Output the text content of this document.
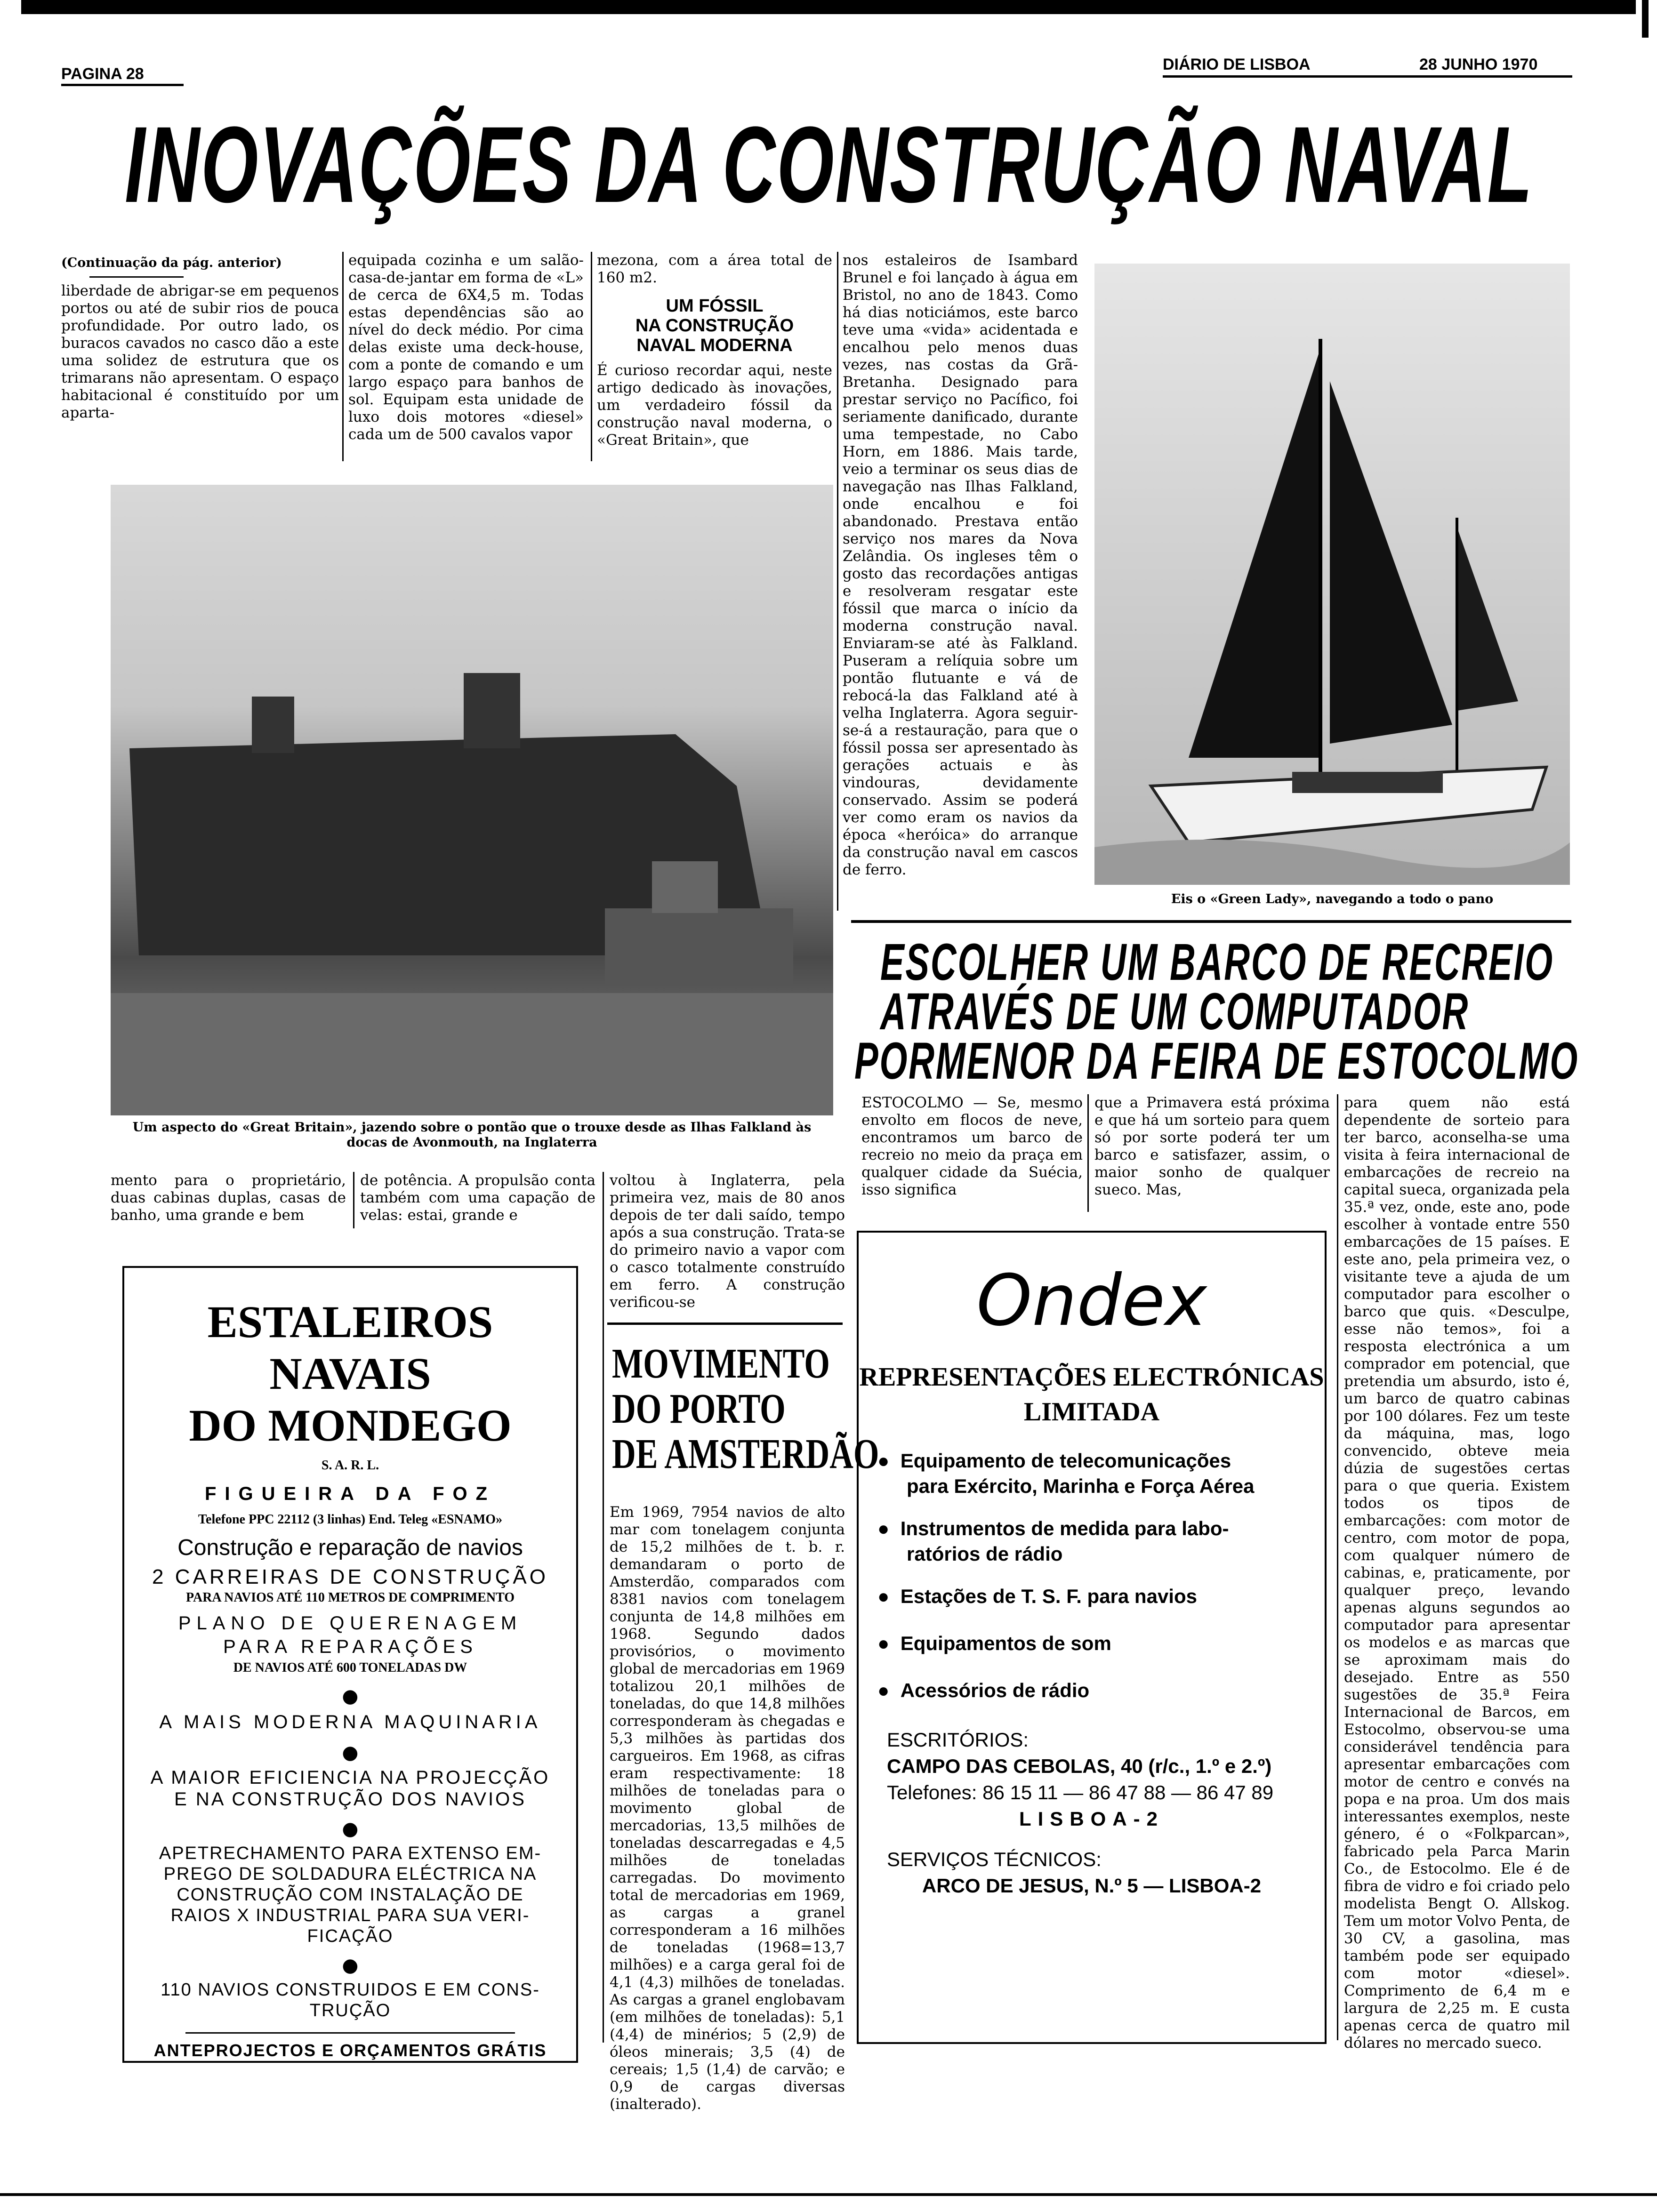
PAGINA 28
DIÁRIO DE LISBOA	28 JUNHO 1970
INOVAÇÕES DA CONSTRUÇÃO NAVAL

(Continuação da pág. anterior)

liberdade de abrigar-se em pequenos portos ou até de subir rios de pouca profundidade. Por outro lado, os buracos cavados no casco dão a este uma solidez de estrutura que os trimarans não apresentam. O espaço habitacional é constituído por um aparta-

equipada cozinha e um salão-casa-de-jantar em forma de «L» de cerca de 6X4,5 m. Todas estas dependências são ao nível do deck médio. Por cima delas existe uma deck-house, com a ponte de comando e um largo espaço para banhos de sol. Equipam esta unidade de luxo dois motores «diesel» cada um de 500 cavalos vapor

mezona, com a área total de 160 m2.

UM FÓSSIL
NA CONSTRUÇÃO
NAVAL MODERNA

É curioso recordar aqui, neste artigo dedicado às inovações, um verdadeiro fóssil da construção naval moderna, o «Great Britain», que

nos estaleiros de Isambard Brunel e foi lançado à água em Bristol, no ano de 1843. Como há dias noticiámos, este barco teve uma «vida» acidentada e encalhou pelo menos duas vezes, nas costas da Grã-Bretanha. Designado para prestar serviço no Pacífico, foi seriamente danificado, durante uma tempestade, no Cabo Horn, em 1886. Mais tarde, veio a terminar os seus dias de navegação nas Ilhas Falkland, onde encalhou e foi abandonado. Prestava então serviço nos mares da Nova Zelândia. Os ingleses têm o gosto das recordações antigas e resolveram resgatar este fóssil que marca o início da moderna construção naval. Enviaram-se até às Falkland. Puseram a relíquia sobre um pontão flutuante e vá de rebocá-la das Falkland até à velha Inglaterra. Agora seguir-se-á a restauração, para que o fóssil possa ser apresentado às gerações actuais e às vindouras, devidamente conservado. Assim se poderá ver como eram os navios da época «heróica» do arranque da construção naval em cascos de ferro.
Eis o «Green Lady», navegando a todo o pano
Um aspecto do «Great Britain», jazendo sobre o pontão que o trouxe desde as Ilhas Falkland às docas de Avonmouth, na Inglaterra
mento para o proprietário, duas cabinas duplas, casas de banho, uma grande e bem
de potência. A propulsão conta também com uma capação de velas: estai, grande e
voltou à Inglaterra, pela primeira vez, mais de 80 anos depois de ter dali saído, tempo após a sua construção. Trata-se do primeiro navio a vapor com o casco totalmente construído em ferro. A construção verificou-se
ESCOLHER UM BARCO DE RECREIO
ATRAVÉS DE UM COMPUTADOR
PORMENOR DA FEIRA DE ESTOCOLMO
ESTOCOLMO — Se, mesmo envolto em flocos de neve, encontramos um barco de recreio no meio da praça em qualquer cidade da Suécia, isso significa
que a Primavera está próxima e que há um sorteio para quem só por sorte poderá ter um barco e satisfazer, assim, o maior sonho de qualquer sueco. Mas,
para quem não está dependente de sorteio para ter barco, aconselha-se uma visita à feira internacional de embarcações de recreio na capital sueca, organizada pela 35.ª vez, onde, este ano, pode escolher à vontade entre 550 embarcações de 15 países. E este ano, pela primeira vez, o visitante teve a ajuda de um computador para escolher o barco que quis. «Desculpe, esse não temos», foi a resposta electrónica a um comprador em potencial, que pretendia um absurdo, isto é, um barco de quatro cabinas por 100 dólares. Fez um teste da máquina, mas, logo convencido, obteve meia dúzia de sugestões certas para o que queria. Existem todos os tipos de embarcações: com motor de centro, com motor de popa, com qualquer número de cabinas, e, praticamente, por qualquer preço, levando apenas alguns segundos ao computador para apresentar os modelos e as marcas que se aproximam mais do desejado. Entre as 550 sugestões de 35.ª Feira Internacional de Barcos, em Estocolmo, observou-se uma considerável tendência para apresentar embarcações com motor de centro e convés na popa e na proa. Um dos mais interessantes exemplos, neste género, é o «Folkparcan», fabricado pela Parca Marin Co., de Estocolmo. Ele é de fibra de vidro e foi criado pelo modelista Bengt O. Allskog. Tem um motor Volvo Penta, de 30 CV, a gasolina, mas também pode ser equipado com motor «diesel». Comprimento de 6,4 m e largura de 2,25 m. E custa apenas cerca de quatro mil dólares no mercado sueco.
MOVIMENTO
DO PORTO
DE AMSTERDÃO
Em 1969, 7954 navios de alto mar com tonelagem conjunta de 15,2 milhões de t. b. r. demandaram o porto de Amsterdão, comparados com 8381 navios com tonelagem conjunta de 14,8 milhões em 1968. Segundo dados provisórios, o movimento global de mercadorias em 1969 totalizou 20,1 milhões de toneladas, do que 14,8 milhões corresponderam às chegadas e 5,3 milhões às partidas dos cargueiros. Em 1968, as cifras eram respectivamente: 18 milhões de toneladas para o movimento global de mercadorias, 13,5 milhões de toneladas descarregadas e 4,5 milhões de toneladas carregadas. Do movimento total de mercadorias em 1969, as cargas a granel corresponderam a 16 milhões de toneladas (1968=13,7 milhões) e a carga geral foi de 4,1 (4,3) milhões de toneladas. As cargas a granel englobavam (em milhões de toneladas): 5,1 (4,4) de minérios; 5 (2,9) de óleos minerais; 3,5 (4) de cereais; 1,5 (1,4) de carvão; e 0,9 de cargas diversas (inalterado).
ESTALEIROS NAVAIS
DO MONDEGO
S. A. R. L.
FIGUEIRA DA FOZ
Telefone PPC 22112 (3 linhas) End. Teleg «ESNAMO»
Construção e reparação de navios
2 CARREIRAS DE CONSTRUÇÃO
PARA NAVIOS ATÉ 110 METROS DE COMPRIMENTO
PLANO DE QUERENAGEM
PARA REPARAÇÕES
DE NAVIOS ATÉ 600 TONELADAS DW
●
A MAIS MODERNA MAQUINARIA
●
A MAIOR EFICIENCIA NA PROJECÇÃO
E NA CONSTRUÇÃO DOS NAVIOS
●
APETRECHAMENTO PARA EXTENSO EM-
PREGO DE SOLDADURA ELÉCTRICA NA
CONSTRUÇÃO COM INSTALAÇÃO DE
RAIOS X INDUSTRIAL PARA SUA VERI-
FICAÇÃO
●
110 NAVIOS CONSTRUIDOS E EM CONS-
TRUÇÃO
ANTEPROJECTOS E ORÇAMENTOS GRÁTIS
Ondex
REPRESENTAÇÕES ELECTRÓNICAS
LIMITADA
● Equipamento de telecomunicações
para Exército, Marinha e Força Aérea
● Instrumentos de medida para labo-
ratórios de rádio
● Estações de T. S. F. para navios
● Equipamentos de som
● Acessórios de rádio
ESCRITÓRIOS:
CAMPO DAS CEBOLAS, 40 (r/c., 1.º e 2.º)
Telefones: 86 15 11 — 86 47 88 — 86 47 89
LISBOA-2
SERVIÇOS TÉCNICOS:
ARCO DE JESUS, N.º 5 — LISBOA-2
